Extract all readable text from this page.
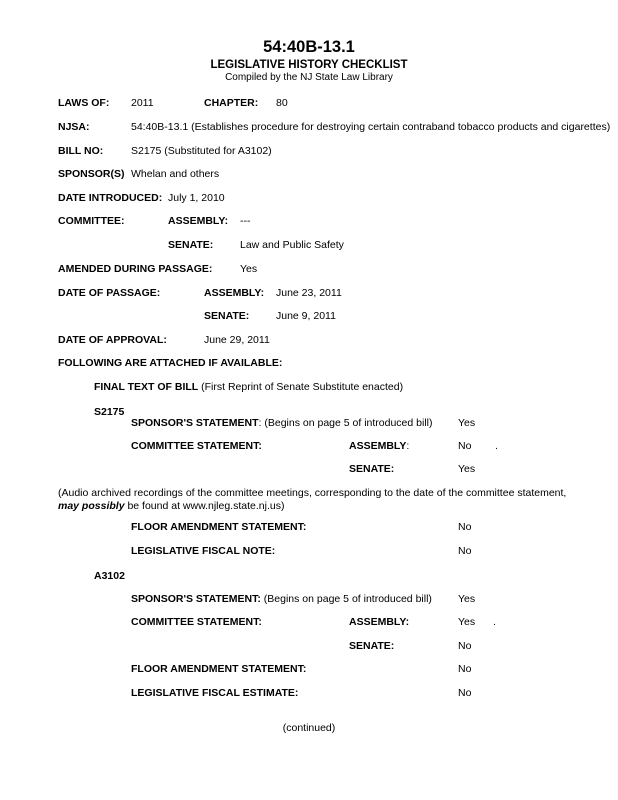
54:40B-13.1
LEGISLATIVE HISTORY CHECKLIST
Compiled by the NJ State Law Library
LAWS OF: 2011	CHAPTER: 80
NJSA:	54:40B-13.1 (Establishes procedure for destroying certain contraband tobacco products and cigarettes)
BILL NO:	S2175 (Substituted for A3102)
SPONSOR(S) Whelan and others
DATE INTRODUCED: July 1, 2010
COMMITTEE:	ASSEMBLY: ---
SENATE:	Law and Public Safety
AMENDED DURING PASSAGE:	Yes
DATE OF PASSAGE:	ASSEMBLY: June 23, 2011
SENATE:	June 9, 2011
DATE OF APPROVAL:	June 29, 2011
FOLLOWING ARE ATTACHED IF AVAILABLE:
FINAL TEXT OF BILL (First Reprint of Senate Substitute enacted)
S2175
SPONSOR'S STATEMENT: (Begins on page 5 of introduced bill) Yes
COMMITTEE STATEMENT:	ASSEMBLY:	No .
SENATE:	Yes
(Audio archived recordings of the committee meetings, corresponding to the date of the committee statement, may possibly be found at www.njleg.state.nj.us)
FLOOR AMENDMENT STATEMENT:	No
LEGISLATIVE FISCAL NOTE:	No
A3102
SPONSOR'S STATEMENT: (Begins on page 5 of introduced bill) Yes
COMMITTEE STATEMENT:	ASSEMBLY:	Yes .
SENATE:	No
FLOOR AMENDMENT STATEMENT:	No
LEGISLATIVE FISCAL ESTIMATE:	No
(continued)
